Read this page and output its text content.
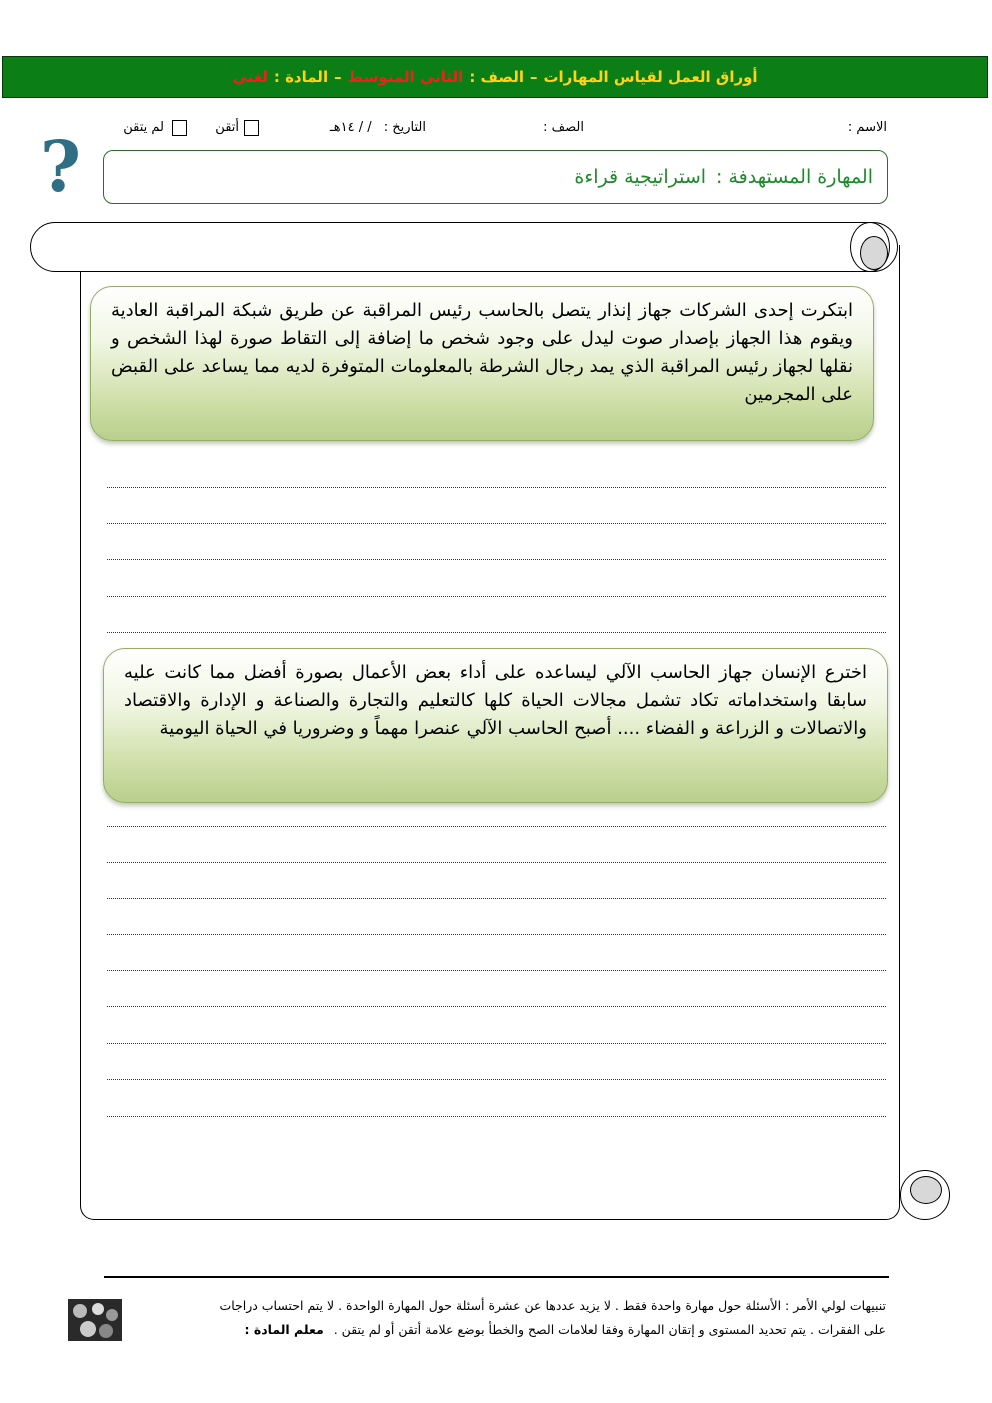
أوراق العمل لقياس المهارات
–
الصف :
الثاني المتوسط
–
المادة :
لغتي
الاسم :
الصف :
التاريخ : / / ١٤هـ
أتقن
لم يتقن
?	المهارة المستهدفة :
استراتيجية قراءة
ابتكرت إحدى الشركات جهاز إنذار يتصل بالحاسب رئيس المراقبة عن طريق شبكة المراقبة العادية ويقوم هذا الجهاز بإصدار صوت ليدل على وجود شخص ما إضافة إلى التقاط صورة لهذا الشخص و نقلها لجهاز رئيس المراقبة الذي يمد رجال الشرطة بالمعلومات المتوفرة لديه مما يساعد على القبض على المجرمين
اخترع الإنسان جهاز الحاسب الآلي ليساعده على أداء بعض الأعمال بصورة أفضل مما كانت عليه سابقا واستخداماته تكاد تشمل مجالات الحياة كلها كالتعليم والتجارة والصناعة و الإدارة والاقتصاد والاتصالات و الزراعة و الفضاء .... أصبح الحاسب الآلي عنصرا مهماً و وضروريا في الحياة اليومية
تنبيهات لولي الأمر : الأسئلة حول مهارة واحدة فقط . لا يزيد عددها عن عشرة أسئلة حول المهارة الواحدة . لا يتم احتساب دراجات
على الفقرات . يتم تحديد المستوى و إتقان المهارة وفقا لعلامات الصح والخطأ بوضع علامة أتقن أو لم يتقن . معلم المادة :
